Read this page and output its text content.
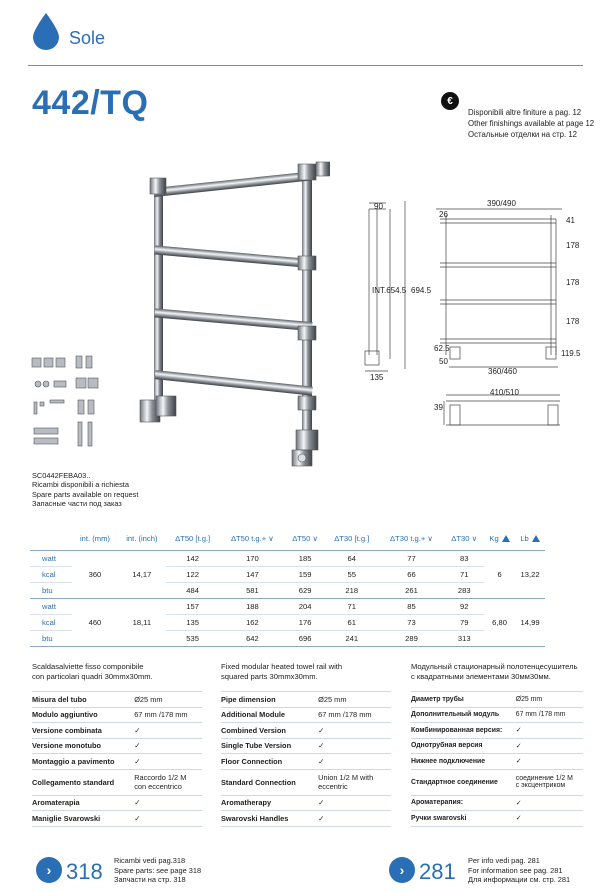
Sole
442/TQ	€
Disponibili altre finiture a pag. 12
Other finishings available at page 12
Остальные отделки на стр. 12
SC0442FEBA03..
Ricambi disponibili a richiesta
Spare parts available on request
Запасные части под заказ
90
INT.654.5 694.5
135
26
390/490
41
178
178
178
119.5
62.5
50
360/460
410/510
39
	int. (mm)	int. (inch)	ΔT50 [t.g.]	ΔT50 t.g.+ ∨	ΔT50 ∨	ΔT30 [t.g.]	ΔT30 t.g.+ ∨	ΔT30 ∨	Kg	Lb
watt	360	14,17	142	170	185	64	77	83	6	13,22
kcal			122	147	159	55	66	71		
btu			484	581	629	218	261	283		
watt	460	18,11	157	188	204	71	85	92	6,80	14,99
kcal			135	162	176	61	73	79		
btu			535	642	696	241	289	313		
Scaldasalviette fisso componibile
con particolari quadri 30mmx30mm.
Fixed modular heated towel rail with
squared parts 30mmx30mm.
Модульный стационарный полотенцесушитель
с квадратными элементами 30мм30мм.
Misura del tubo	Ø25 mm
Modulo aggiuntivo	67 mm /178 mm
Versione combinata	✓
Versione monotubo	✓
Montaggio a pavimento	✓
Collegamento standard	Raccordo 1/2 M
con eccentrico

Aromaterapia	✓
Maniglie Svarowski	✓
Pipe dimension	Ø25 mm
Additional Module	67 mm /178 mm
Combined Version	✓
Single Tube Version	✓
Floor Connection	✓
Standard Connection	Union 1/2 M with
eccentric

Aromatherapy	✓
Swarovski Handles	✓
Диаметр трубы	Ø25 mm
Дополнительный модуль	67 mm /178 mm
Комбинированная версия:	✓
Однотрубная версия	✓
Нижнее подключение	✓
Стандартное соединение	соединение 1/2 M
с эксцентриком

Ароматерапия:	✓
Ручки swarovski	✓
› 318 Ricambi vedi pag.318
Spare parts: see page 318
Запчасти на стр. 318
› 281 Per info vedi pag. 281
For information see pag. 281
Для информации см. стр. 281
